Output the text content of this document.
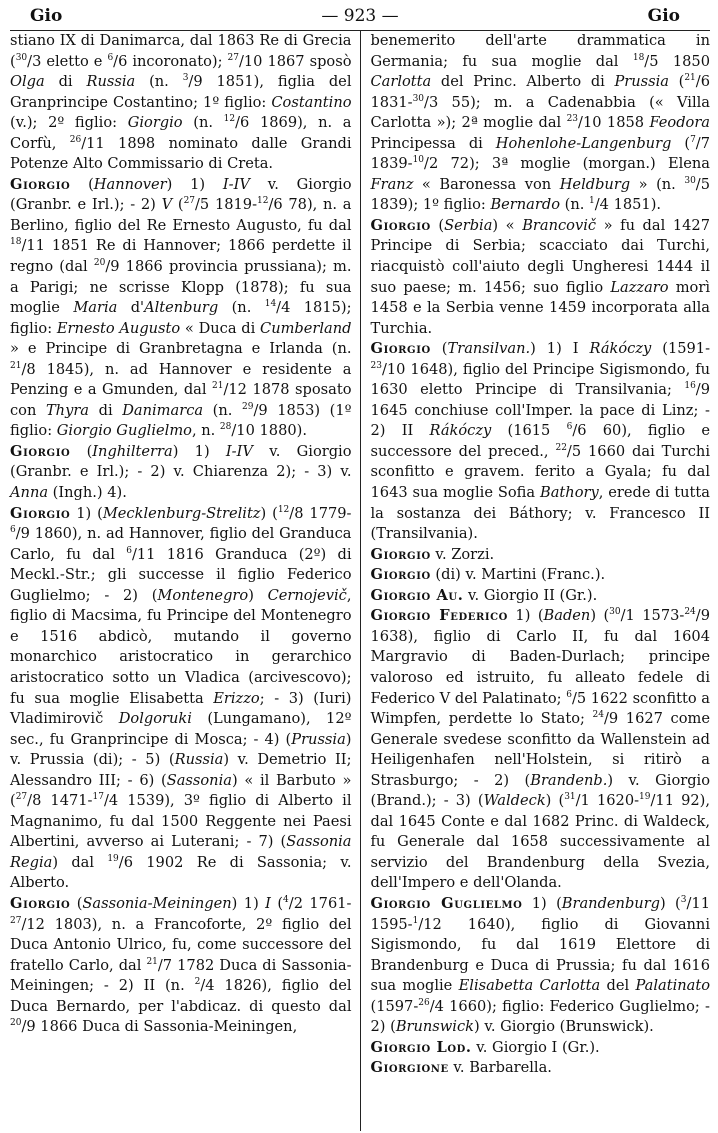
Gio	— 923 —	Gio

stiano IX di Danimarca, dal 1863 Re di Grecia ($^{30}$/3 eletto e $^6$/6 incoronato); $^{27}$/10 1867 sposò Olga di Russia (n. $^3$/9 1851), figlia del Granprincipe Costantino; 1º figlio: Costantino (v.); 2º figlio: Giorgio (n. $^{12}$/6 1869), n. a Corfù, $^{26}$/11 1898 nominato dalle Grandi Potenze Alto Commissario di Creta.

Giorgio (Hannover) 1) I-IV v. Giorgio (Granbr. e Irl.); - 2) V ($^{27}$/5 1819-$^{12}$/6 78), n. a Berlino, figlio del Re Ernesto Augusto, fu dal $^{18}$/11 1851 Re di Hannover; 1866 perdette il regno (dal $^{20}$/9 1866 provincia prussiana); m. a Parigi; ne scrisse Klopp (1878); fu sua moglie Maria d'Altenburg (n. $^{14}$/4 1815); figlio: Ernesto Augusto « Duca di Cumberland » e Principe di Granbretagna e Irlanda (n. $^{21}$/8 1845), n. ad Hannover e residente a Penzing e a Gmunden, dal $^{21}$/12 1878 sposato con Thyra di Danimarca (n. $^{29}$/9 1853) (1º figlio: Giorgio Guglielmo, n. $^{28}$/10 1880).

Giorgio (Inghilterra) 1) I-IV v. Giorgio (Granbr. e Irl.); - 2) v. Chiarenza 2); - 3) v. Anna (Ingh.) 4).

Giorgio 1) (Mecklenburg-Strelitz) ($^{12}$/8 1779-$^6$/9 1860), n. ad Hannover, figlio del Granduca Carlo, fu dal $^6$/11 1816 Granduca (2º) di Meckl.-Str.; gli successe il figlio Federico Guglielmo; - 2) (Montenegro) Cernojevič, figlio di Macsima, fu Principe del Montenegro e 1516 abdicò, mutando il governo monarchico aristocratico in gerarchico aristocratico sotto un Vladica (arcivescovo); fu sua moglie Elisabetta Erizzo; - 3) (Iuri) Vladimirovič Dolgoruki (Lungamano), 12º sec., fu Granprincipe di Mosca; - 4) (Prussia) v. Prussia (di); - 5) (Russia) v. Demetrio II; Alessandro III; - 6) (Sassonia) « il Barbuto » ($^{27}$/8 1471-$^{17}$/4 1539), 3º figlio di Alberto il Magnanimo, fu dal 1500 Reggente nei Paesi Albertini, avverso ai Luterani; - 7) (Sassonia Regia) dal $^{19}$/6 1902 Re di Sassonia; v. Alberto.

Giorgio (Sassonia-Meiningen) 1) I ($^4$/2 1761-$^{27}$/12 1803), n. a Francoforte, 2º figlio del Duca Antonio Ulrico, fu, come successore del fratello Carlo, dal $^{21}$/7 1782 Duca di Sassonia-Meiningen; - 2) II (n. $^2$/4 1826), figlio del Duca Bernardo, per l'abdicaz. di questo dal $^{20}$/9 1866 Duca di Sassonia-Meiningen,

benemerito dell'arte drammatica in Germania; fu sua moglie dal $^{18}$/5 1850 Carlotta del Princ. Alberto di Prussia ($^{21}$/6 1831-$^{30}$/3 55); m. a Cadenabbia (« Villa Carlotta »); 2ª moglie dal $^{23}$/10 1858 Feodora Principessa di Hohenlohe-Langenburg ($^7$/7 1839-$^{10}$/2 72); 3ª moglie (morgan.) Elena Franz « Baronessa von Heldburg » (n. $^{30}$/5 1839); 1º figlio: Bernardo (n. $^1$/4 1851).

Giorgio (Serbia) « Brancovič » fu dal 1427 Principe di Serbia; scacciato dai Turchi, riacquistò coll'aiuto degli Ungheresi 1444 il suo paese; m. 1456; suo figlio Lazzaro morì 1458 e la Serbia venne 1459 incorporata alla Turchia.

Giorgio (Transilvan.) 1) I Rákóczy (1591-$^{23}$/10 1648), figlio del Principe Sigismondo, fu 1630 eletto Principe di Transilvania; $^{16}$/9 1645 conchiuse coll'Imper. la pace di Linz; - 2) II Rákóczy (1615 $^6$/6 60), figlio e successore del preced., $^{22}$/5 1660 dai Turchi sconfitto e gravem. ferito a Gyala; fu dal 1643 sua moglie Sofia Bathory, erede di tutta la sostanza dei Báthory; v. Francesco II (Transilvania).

Giorgio v. Zorzi.

Giorgio (di) v. Martini (Franc.).

Giorgio Au. v. Giorgio II (Gr.).

Giorgio Federico 1) (Baden) ($^{30}$/1 1573-$^{24}$/9 1638), figlio di Carlo II, fu dal 1604 Margravio di Baden-Durlach; principe valoroso ed istruito, fu alleato fedele di Federico V del Palatinato; $^6$/5 1622 sconfitto a Wimpfen, perdette lo Stato; $^{24}$/9 1627 come Generale svedese sconfitto da Wallenstein ad Heiligenhafen nell'Holstein, si ritirò a Strasburgo; - 2) (Brandenb.) v. Giorgio (Brand.); - 3) (Waldeck) ($^{31}$/1 1620-$^{19}$/11 92), dal 1645 Conte e dal 1682 Princ. di Waldeck, fu Generale dal 1658 successivamente al servizio del Brandenburg della Svezia, dell'Impero e dell'Olanda.

Giorgio Guglielmo 1) (Brandenburg) ($^3$/11 1595-$^1$/12 1640), figlio di Giovanni Sigismondo, fu dal 1619 Elettore di Brandenburg e Duca di Prussia; fu dal 1616 sua moglie Elisabetta Carlotta del Palatinato (1597-$^{26}$/4 1660); figlio: Federico Guglielmo; - 2) (Brunswick) v. Giorgio (Brunswick).

Giorgio Lod. v. Giorgio I (Gr.).

Giorgione v. Barbarella.
